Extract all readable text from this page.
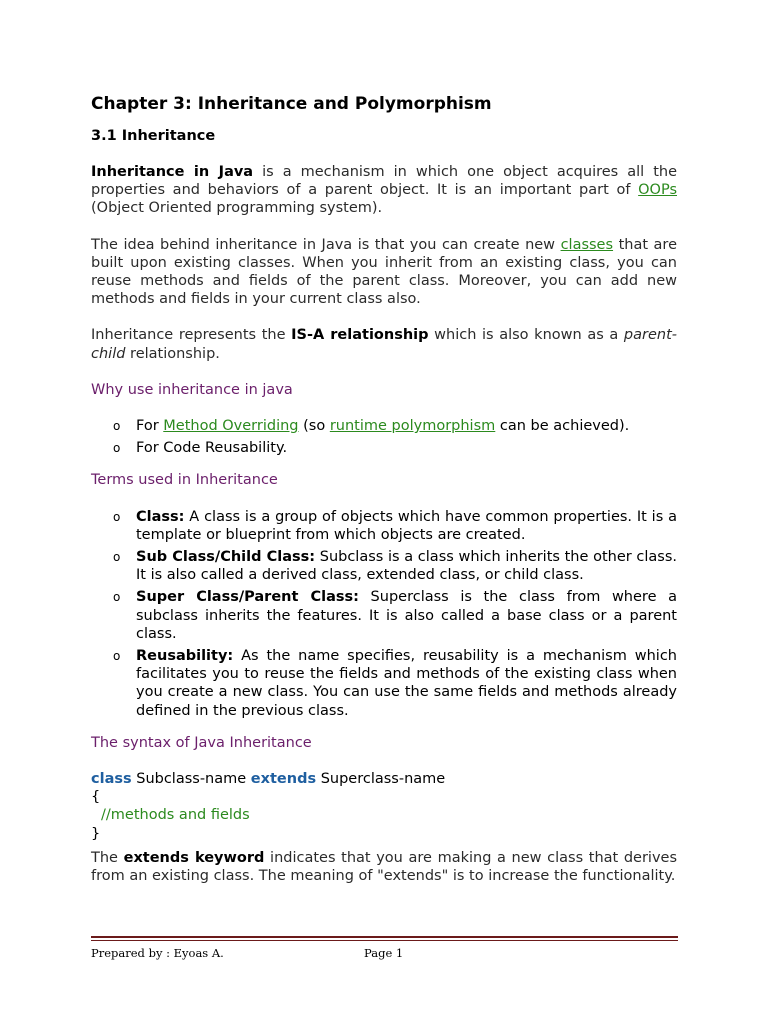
Chapter 3: Inheritance and Polymorphism
3.1 Inheritance

Inheritance in Java is a mechanism in which one object acquires all the properties and behaviors of a parent object. It is an important part of OOPs (Object Oriented programming system).

The idea behind inheritance in Java is that you can create new classes that are built upon existing classes. When you inherit from an existing class, you can reuse methods and fields of the parent class. Moreover, you can add new methods and fields in your current class also.

Inheritance represents the IS-A relationship which is also known as a parent-child relationship.

Why use inheritance in java
o For Method Overriding (so runtime polymorphism can be achieved).
o For Code Reusability.
Terms used in Inheritance
o Class: A class is a group of objects which have common properties. It is a template or blueprint from which objects are created.
o Sub Class/Child Class: Subclass is a class which inherits the other class. It is also called a derived class, extended class, or child class.
o Super Class/Parent Class: Superclass is the class from where a subclass inherits the features. It is also called a base class or a parent class.
o Reusability: As the name specifies, reusability is a mechanism which facilitates you to reuse the fields and methods of the existing class when you create a new class. You can use the same fields and methods already defined in the previous class.
The syntax of Java Inheritance
class Subclass-name extends Superclass-name
{
//methods and fields
}

The extends keyword indicates that you are making a new class that derives from an existing class. The meaning of "extends" is to increase the functionality.

Prepared by : Eyoas A.	Page 1
